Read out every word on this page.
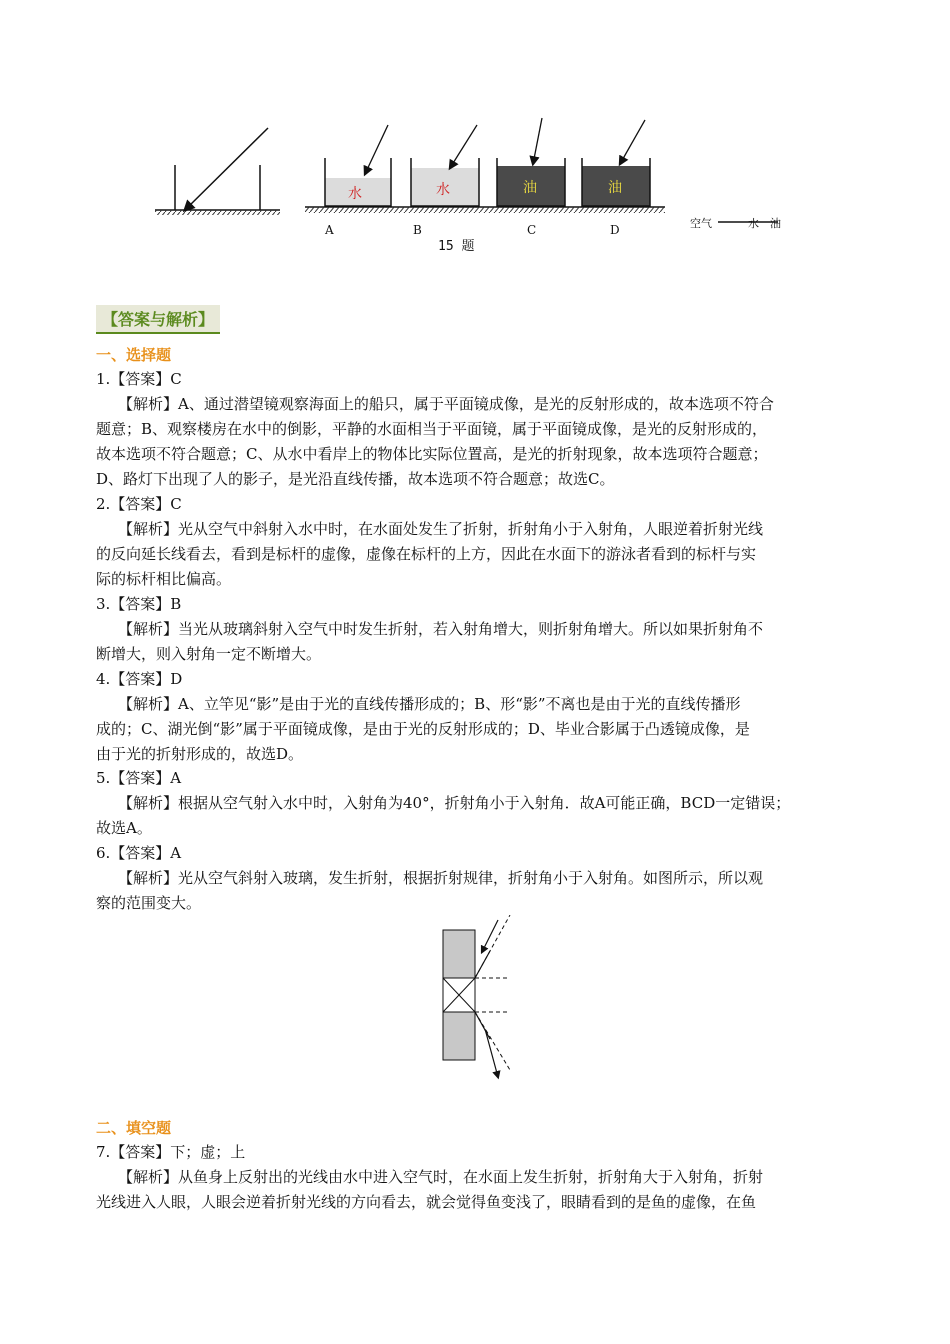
水
A
水
B
油
C
油
D	空气	水 油
15 题
【答案与解析】
一、选择题
1.【答案】C
【解析】A、通过潜望镜观察海面上的船只，属于平面镜成像，是光的反射形成的，故本选项不符合
题意；B、观察楼房在水中的倒影，平静的水面相当于平面镜，属于平面镜成像，是光的反射形成的，
故本选项不符合题意；C、从水中看岸上的物体比实际位置高，是光的折射现象，故本选项符合题意；
D、路灯下出现了人的影子，是光沿直线传播，故本选项不符合题意；故选C。
2.【答案】C
【解析】光从空气中斜射入水中时，在水面处发生了折射，折射角小于入射角，人眼逆着折射光线
的反向延长线看去，看到是标杆的虚像，虚像在标杆的上方，因此在水面下的游泳者看到的标杆与实
际的标杆相比偏高。
3.【答案】B
【解析】当光从玻璃斜射入空气中时发生折射，若入射角增大，则折射角增大。所以如果折射角不
断增大，则入射角一定不断增大。
4.【答案】D
【解析】A、立竿见“影”是由于光的直线传播形成的；B、形“影”不离也是由于光的直线传播形
成的；C、湖光倒“影”属于平面镜成像，是由于光的反射形成的；D、毕业合影属于凸透镜成像，是
由于光的折射形成的，故选D。
5.【答案】A
【解析】根据从空气射入水中时，入射角为40°，折射角小于入射角．故A可能正确，BCD一定错误；
故选A。
6.【答案】A
【解析】光从空气斜射入玻璃，发生折射，根据折射规律，折射角小于入射角。如图所示，所以观
察的范围变大。
二、填空题
7.【答案】下；虚；上
【解析】从鱼身上反射出的光线由水中进入空气时，在水面上发生折射，折射角大于入射角，折射
光线进入人眼，人眼会逆着折射光线的方向看去，就会觉得鱼变浅了，眼睛看到的是鱼的虚像，在鱼
